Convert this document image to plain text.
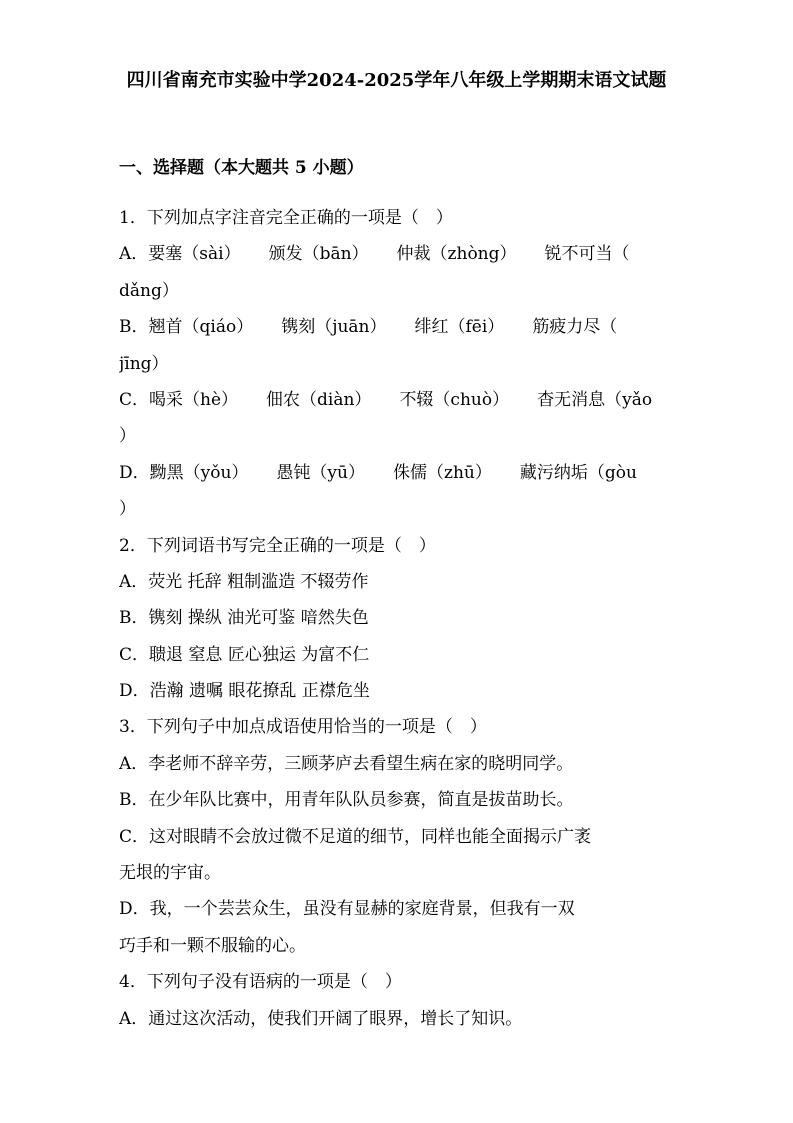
四川省南充市实验中学2024-2025学年八年级上学期期末语文试题
一、选择题（本大题共 5 小题）
1．下列加点字注音完全正确的一项是（　）
A． 要塞（sài） 颁发（bān） 仲裁（zhòng） 锐不可当（
dǎng）
B． 翘首（qiáo） 镌刻（juān） 绯红（fēi） 筋疲力尽（
jīng）
C． 喝采（hè） 佃农（diàn） 不辍（chuò） 杳无消息（yǎo
）
D． 黝黑（yǒu） 愚钝（yū） 侏儒（zhū） 藏污纳垢（gòu
）
2．下列词语书写完全正确的一项是（　）
A．荧光 托辞 粗制滥造 不辍劳作
B．镌刻 操纵 油光可鉴 喑然失色
C．聩退 窒息 匠心独运 为富不仁
D．浩瀚 遗嘱 眼花撩乱 正襟危坐
3．下列句子中加点成语使用恰当的一项是（　）
A．李老师不辞辛劳，三顾茅庐去看望生病在家的晓明同学。
B．在少年队比赛中，用青年队队员参赛，简直是拔苗助长。
C．这对眼睛不会放过微不足道的细节，同样也能全面揭示广袤
无垠的宇宙。
D．我，一个芸芸众生，虽没有显赫的家庭背景，但我有一双
巧手和一颗不服输的心。
4．下列句子没有语病的一项是（　）
A．通过这次活动，使我们开阔了眼界，增长了知识。
